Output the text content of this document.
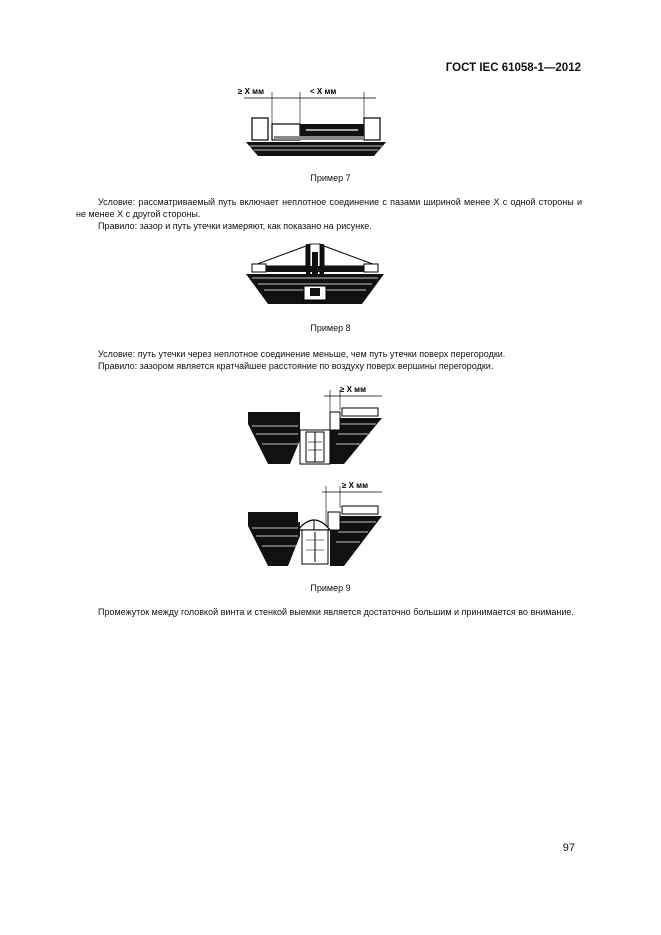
ГОСТ IEC 61058-1—2012
≥ X мм	< X мм
Пример 7

Условие: рассматриваемый путь включает неплотное соединение с пазами шириной менее X с одной стороны и не менее X с другой стороны.

Правило: зазор и путь утечки измеряют, как показано на рисунке.

Пример 8

Условие: путь утечки через неплотное соединение меньше, чем путь утечки поверх перегородки.

Правило: зазором является кратчайшее расстояние по воздуху поверх вершины перегородки.

≥ X мм
≥ X мм
Пример 9

Промежуток между головкой винта и стенкой выемки является достаточно большим и принимается во внимание.

97
